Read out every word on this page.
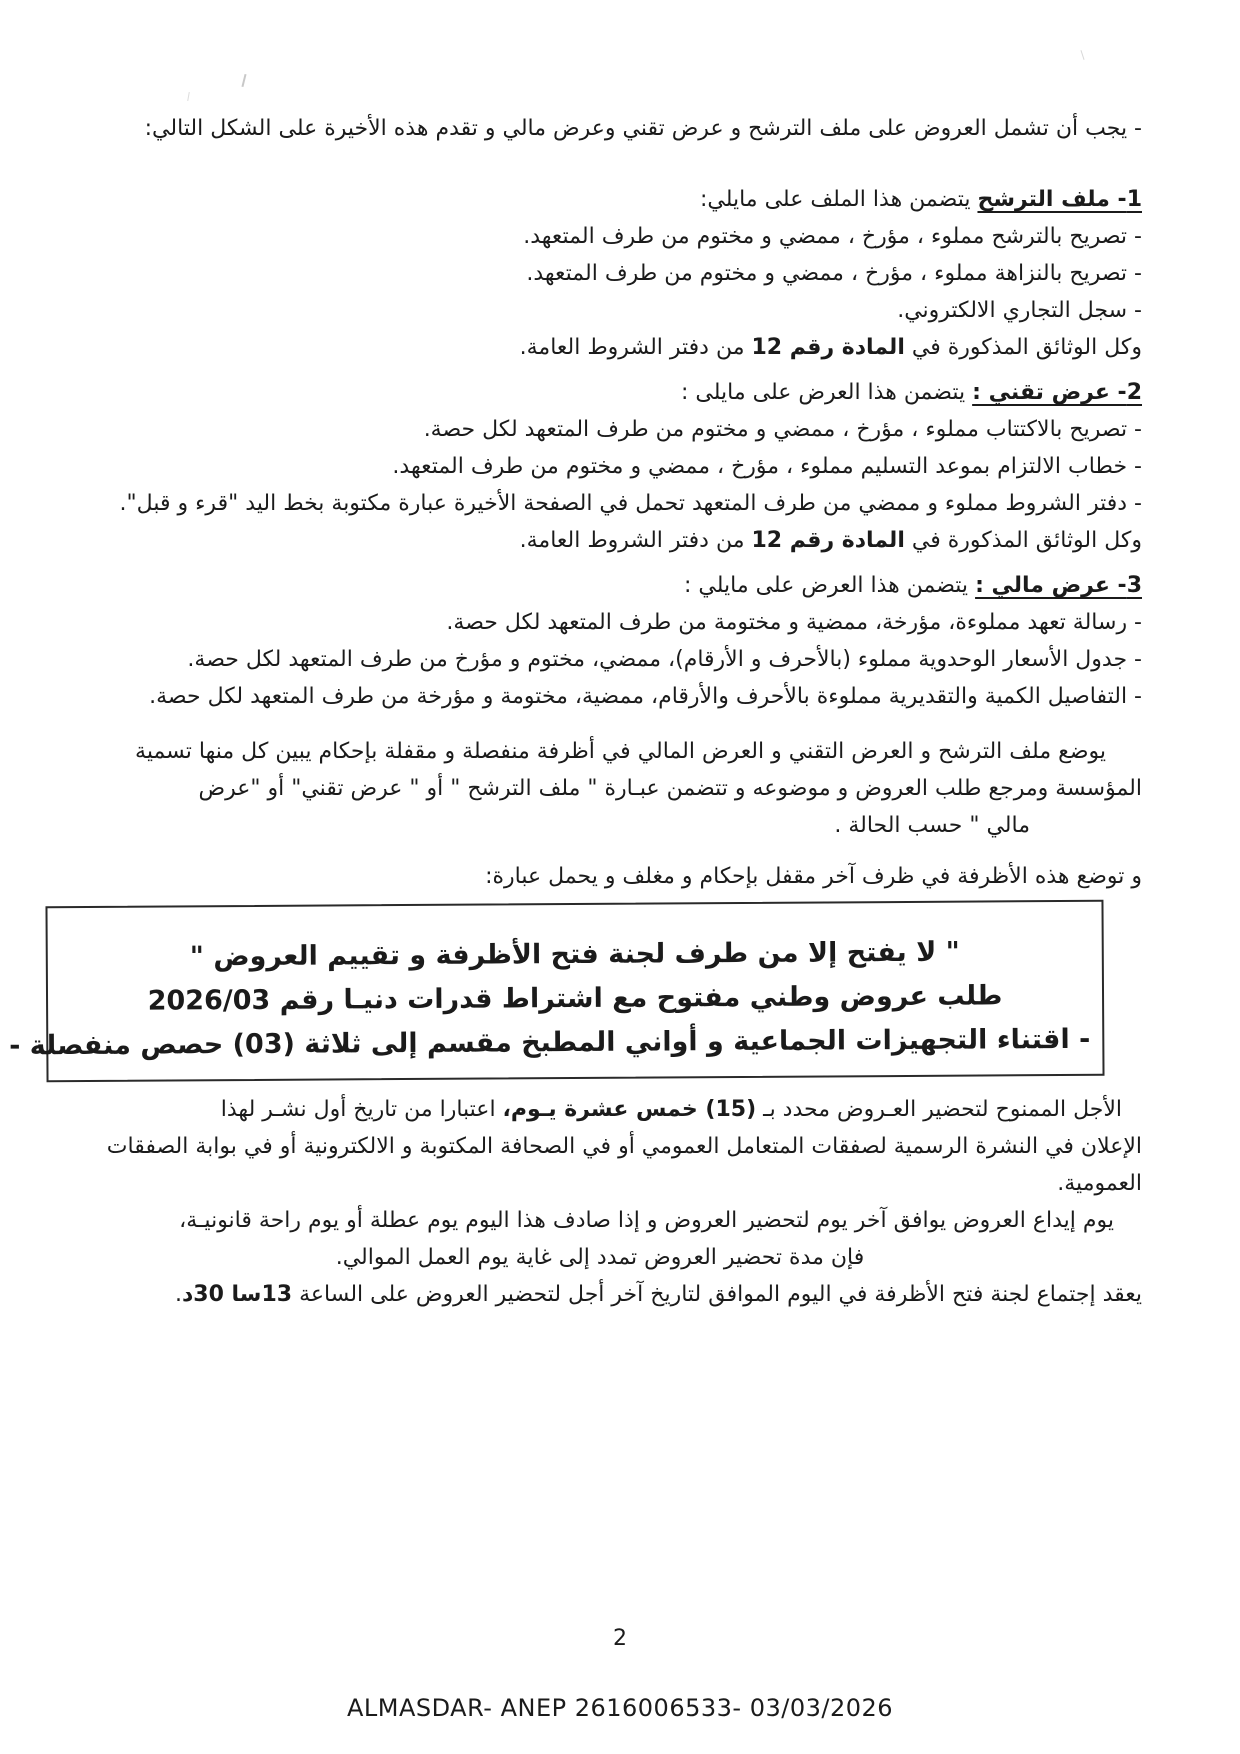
- يجب أن تشمل العروض على ملف الترشح و عرض تقني وعرض مالي و تقدم هذه الأخيرة على الشكل التالي:

1- ملف الترشح يتضمن هذا الملف على مايلي:

- تصريح بالترشح مملوء ، مؤرخ ، ممضي و مختوم من طرف المتعهد.

- تصريح بالنزاهة مملوء ، مؤرخ ، ممضي و مختوم من طرف المتعهد.

- سجل التجاري الالكتروني.

وكل الوثائق المذكورة في المادة رقم 12 من دفتر الشروط العامة.

2- عرض تقني : يتضمن هذا العرض على مايلى :

- تصريح بالاكتتاب مملوء ، مؤرخ ، ممضي و مختوم من طرف المتعهد لكل حصة.

- خطاب الالتزام بموعد التسليم مملوء ، مؤرخ ، ممضي و مختوم من طرف المتعهد.

- دفتر الشروط مملوء و ممضي من طرف المتعهد تحمل في الصفحة الأخيرة عبارة مكتوبة بخط اليد "قرء و قبل".

وكل الوثائق المذكورة في المادة رقم 12 من دفتر الشروط العامة.

3- عرض مالي : يتضمن هذا العرض على مايلي :

- رسالة تعهد مملوءة، مؤرخة، ممضية و مختومة من طرف المتعهد لكل حصة.

- جدول الأسعار الوحدوية مملوء (بالأحرف و الأرقام)، ممضي، مختوم و مؤرخ من طرف المتعهد لكل حصة.

- التفاصيل الكمية والتقديرية مملوءة بالأحرف والأرقام، ممضية، مختومة و مؤرخة من طرف المتعهد لكل حصة.

يوضع ملف الترشح و العرض التقني و العرض المالي في أظرفة منفصلة و مقفلة بإحكام يبين كل منها تسمية

المؤسسة ومرجع طلب العروض و موضوعه و تتضمن عبـارة " ملف الترشح " أو " عرض تقني" أو "عرض

مالي " حسب الحالة .

و توضع هذه الأظرفة في ظرف آخر مقفل بإحكام و مغلف و يحمل عبارة:

" لا يفتح إلا من طرف لجنة فتح الأظرفة و تقييم العروض "

طلب عروض وطني مفتوح مع اشتراط قدرات دنيـا رقم 2026/03

- اقتناء التجهيزات الجماعية و أواني المطبخ مقسم إلى ثلاثة (03) حصص منفصلة -

الأجل الممنوح لتحضير العـروض محدد بـ (15) خمس عشرة يـوم، اعتبارا من تاريخ أول نشـر لهذا

الإعلان في النشرة الرسمية لصفقات المتعامل العمومي أو في الصحافة المكتوبة و الالكترونية أو في بوابة الصفقات

العمومية.

يوم إيداع العروض يوافق آخر يوم لتحضير العروض و إذا صادف هذا اليوم يوم عطلة أو يوم راحة قانونيـة،

فإن مدة تحضير العروض تمدد إلى غاية يوم العمل الموالي.

يعقد إجتماع لجنة فتح الأظرفة في اليوم الموافق لتاريخ آخر أجل لتحضير العروض على الساعة 13سا 30د.

2
ALMASDAR- ANEP 2616006533- 03/03/2026
